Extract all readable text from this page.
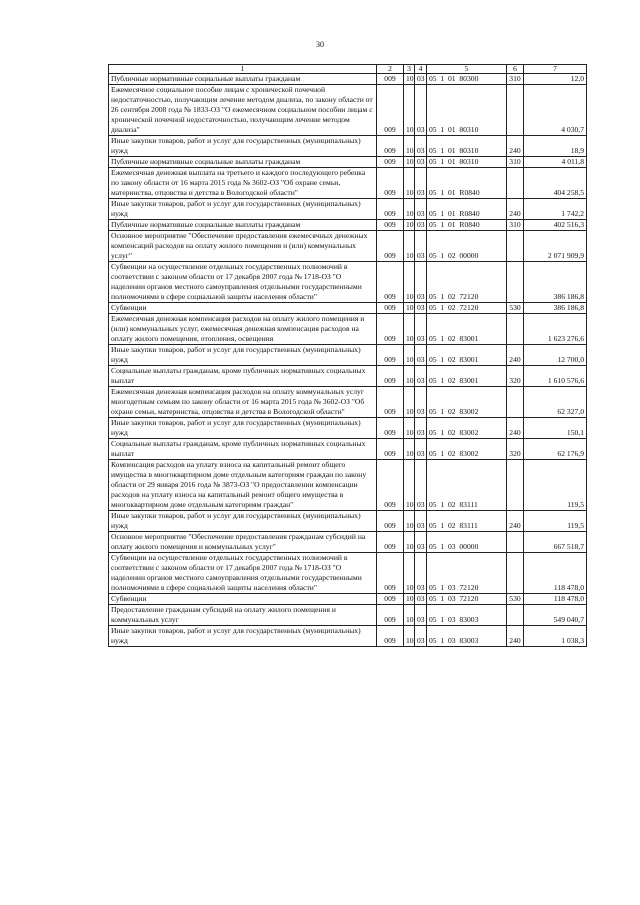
30
1	2	3	4	5	6	7
Публичные нормативные социальные выплаты гражданам	009	10	03	05  1  01  80300	310	12,0
Ежемесячное социальное пособие лицам с хронической почечной недостаточностью, получающим лечение методом диализа, по закону области от 26 сентября 2008 года № 1833-ОЗ "О ежемесячном социальном пособии лицам с хронической почечной недостаточностью, получающим лечение методом диализа"	009	10	03	05  1  01  80310		4 030,7
Иные закупки товаров, работ и услуг для государственных (муниципальных) нужд	009	10	03	05  1  01  80310	240	18,9
Публичные нормативные социальные выплаты гражданам	009	10	03	05  1  01  80310	310	4 011,8
Ежемесячная денежная выплата на третьего и каждого последующего ребенка по закону области от 16 марта 2015 года № 3602-ОЗ "Об охране семьи, материнства, отцовства и детства в Вологодской области"	009	10	03	05  1  01  R0840		404 258,5
Иные закупки товаров, работ и услуг для государственных (муниципальных) нужд	009	10	03	05  1  01  R0840	240	1 742,2
Публичные нормативные социальные выплаты гражданам	009	10	03	05  1  01  R0840	310	402 516,3
Основное мероприятие "Обеспечение предоставления ежемесячных денежных компенсаций расходов на оплату жилого помещения и (или) коммунальных услуг"	009	10	03	05  1  02  00000		2 071 909,9
Субвенции на осуществление отдельных государственных полномочий в соответствии с законом области от 17 декабря 2007 года № 1718-ОЗ "О наделении органов местного самоуправления отдельными государственными полномочиями в сфере социальной защиты населения области"	009	10	03	05  1  02  72120		386 186,8
Субвенции	009	10	03	05  1  02  72120	530	386 186,8
Ежемесячная денежная компенсация расходов на оплату жилого помещения и (или) коммунальных услуг, ежемесячная денежная компенсация расходов на оплату жилого помещения, отопления, освещения	009	10	03	05  1  02  83001		1 623 276,6
Иные закупки товаров, работ и услуг для государственных (муниципальных) нужд	009	10	03	05  1  02  83001	240	12 700,0
Социальные выплаты гражданам, кроме публичных нормативных социальных выплат	009	10	03	05  1  02  83001	320	1 610 576,6
Ежемесячная денежная компенсация расходов на оплату коммунальных услуг многодетным семьям по закону области от 16 марта 2015 года № 3602-ОЗ "Об охране семьи, материнства, отцовства и детства в Вологодской области"	009	10	03	05  1  02  83002		62 327,0
Иные закупки товаров, работ и услуг для государственных (муниципальных) нужд	009	10	03	05  1  02  83002	240	150,1
Социальные выплаты гражданам, кроме публичных нормативных социальных выплат	009	10	03	05  1  02  83002	320	62 176,9
Компенсация расходов на уплату взноса на капитальный ремонт общего имущества в многоквартирном доме отдельным категориям граждан по закону области от 29 января 2016 года № 3873-ОЗ "О предоставлении компенсации расходов на уплату взноса на капитальный ремонт общего имущества в многоквартирном доме отдельным категориям граждан"	009	10	03	05  1  02  83111		119,5
Иные закупки товаров, работ и услуг для государственных (муниципальных) нужд	009	10	03	05  1  02  83111	240	119,5
Основное мероприятие "Обеспечение предоставления гражданам субсидий на оплату жилого помещения и коммунальных услуг"	009	10	03	05  1  03  00000		667 518,7
Субвенции на осуществление отдельных государственных полномочий в соответствии с законом области от 17 декабря 2007 года № 1718-ОЗ "О наделении органов местного самоуправления отдельными государственными полномочиями в сфере социальной защиты населения области"	009	10	03	05  1  03  72120		118 478,0
Субвенции	009	10	03	05  1  03  72120	530	118 478,0
Предоставление гражданам субсидий на оплату жилого помещения и коммунальных услуг	009	10	03	05  1  03  83003		549 040,7
Иные закупки товаров, работ и услуг для государственных (муниципальных) нужд	009	10	03	05  1  03  83003	240	1 038,3
